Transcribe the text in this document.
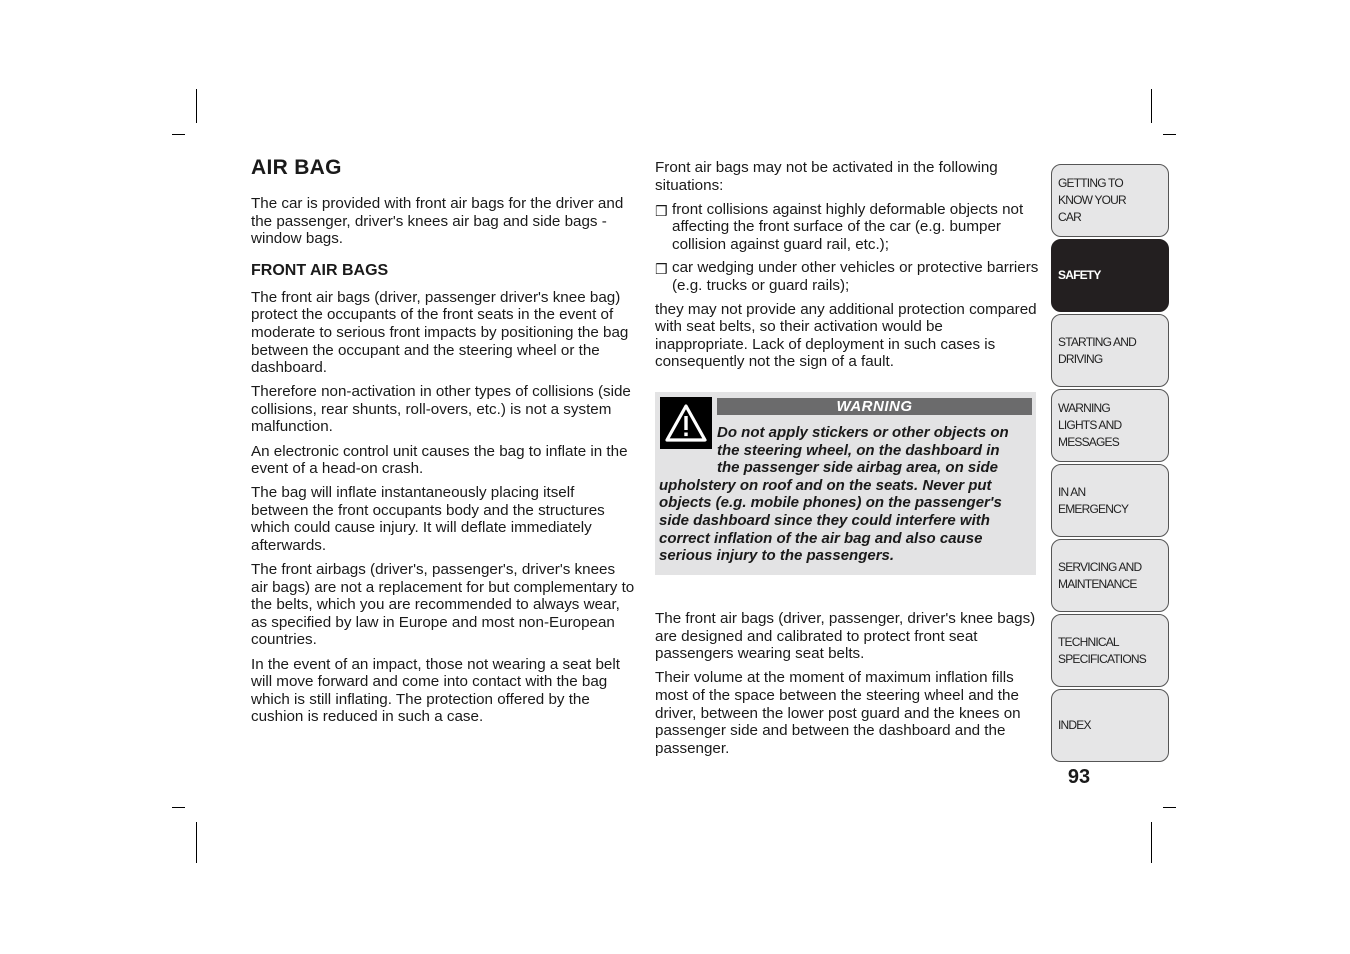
AIR BAG

The car is provided with front air bags for the driver and the passenger, driver's knees air bag and side bags - window bags.

FRONT AIR BAGS

The front air bags (driver, passenger driver's knee bag) protect the occupants of the front seats in the event of moderate to serious front impacts by positioning the bag between the occupant and the steering wheel or the dashboard.

Therefore non-activation in other types of collisions (side collisions, rear shunts, roll-overs, etc.) is not a system malfunction.

An electronic control unit causes the bag to inflate in the event of a head-on crash.

The bag will inflate instantaneously placing itself between the front occupants body and the structures which could cause injury. It will deflate immediately afterwards.

The front airbags (driver's, passenger's, driver's knees air bags) are not a replacement for but complementary to the belts, which you are recommended to always wear, as specified by law in Europe and most non-European countries.

In the event of an impact, those not wearing a seat belt will move forward and come into contact with the bag which is still inflating. The protection offered by the cushion is reduced in such a case.

Front air bags may not be activated in the following situations:

❒ front collisions against highly deformable objects not affecting the front surface of the car (e.g. bumper collision against guard rail, etc.);
❒ car wedging under other vehicles or protective barriers (e.g. trucks or guard rails);

they may not provide any additional protection compared with seat belts, so their activation would be inappropriate. Lack of deployment in such cases is consequently not the sign of a fault.

WARNING
Do not apply stickers or other objects on the steering wheel, on the dashboard in the passenger side airbag area, on side upholstery on roof and on the seats. Never put objects (e.g. mobile phones) on the passenger's side dashboard since they could interfere with correct inflation of the air bag and also cause serious injury to the passengers.

The front air bags (driver, passenger, driver's knee bags) are designed and calibrated to protect front seat passengers wearing seat belts.

Their volume at the moment of maximum inflation fills most of the space between the steering wheel and the driver, between the lower post guard and the knees on passenger side and between the dashboard and the passenger.

GETTING TO KNOW YOUR CAR
SAFETY
STARTING AND DRIVING
WARNING LIGHTS AND MESSAGES
IN AN EMERGENCY
SERVICING AND MAINTENANCE
TECHNICAL SPECIFICATIONS
INDEX
93
